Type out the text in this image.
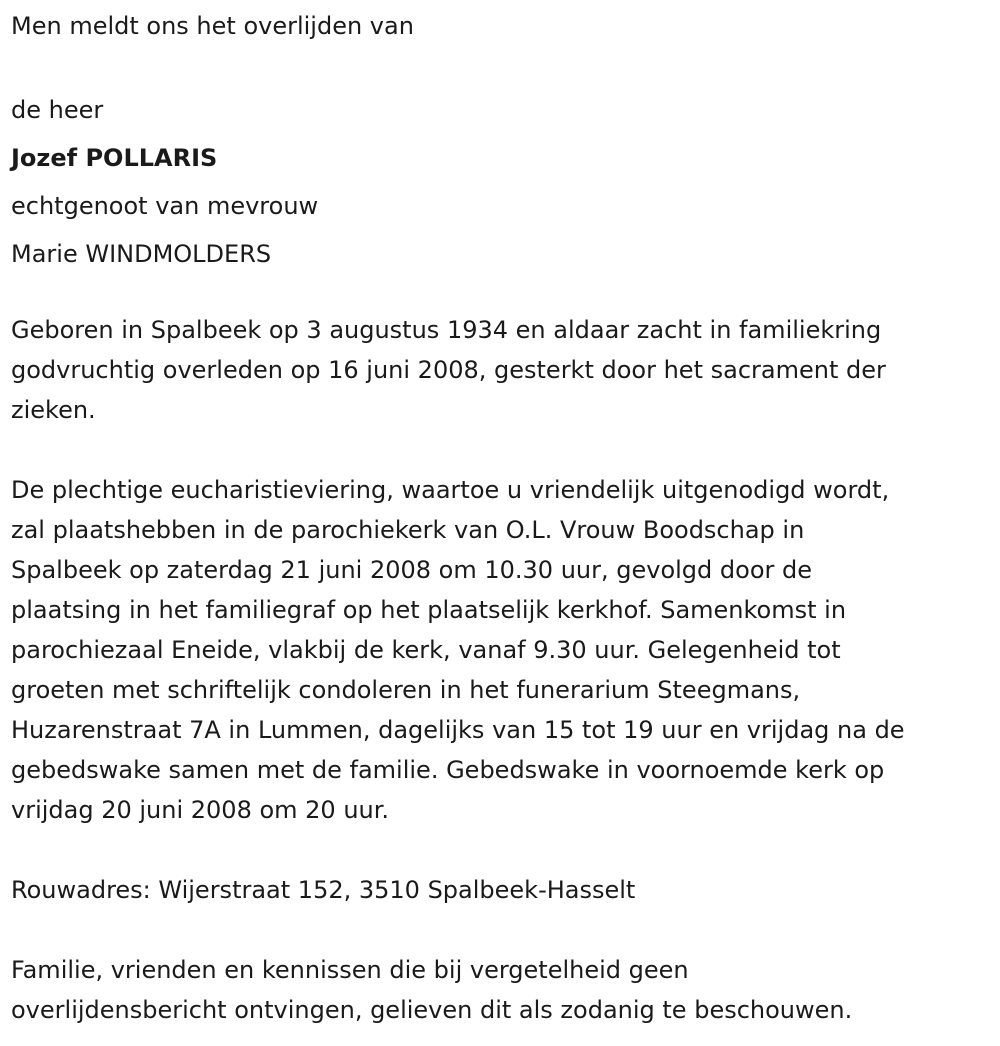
Men meldt ons het overlijden van
de heer
Jozef POLLARIS
echtgenoot van mevrouw
Marie WINDMOLDERS
Geboren in Spalbeek op 3 augustus 1934 en aldaar zacht in familiekring
godvruchtig overleden op 16 juni 2008, gesterkt door het sacrament der
zieken.
De plechtige eucharistieviering, waartoe u vriendelijk uitgenodigd wordt,
zal plaatshebben in de parochiekerk van O.L. Vrouw Boodschap in
Spalbeek op zaterdag 21 juni 2008 om 10.30 uur, gevolgd door de
plaatsing in het familiegraf op het plaatselijk kerkhof. Samenkomst in
parochiezaal Eneide, vlakbij de kerk, vanaf 9.30 uur. Gelegenheid tot
groeten met schriftelijk condoleren in het funerarium Steegmans,
Huzarenstraat 7A in Lummen, dagelijks van 15 tot 19 uur en vrijdag na de
gebedswake samen met de familie. Gebedswake in voornoemde kerk op
vrijdag 20 juni 2008 om 20 uur.
Rouwadres: Wijerstraat 152, 3510 Spalbeek-Hasselt
Familie, vrienden en kennissen die bij vergetelheid geen
overlijdensbericht ontvingen, gelieven dit als zodanig te beschouwen.
